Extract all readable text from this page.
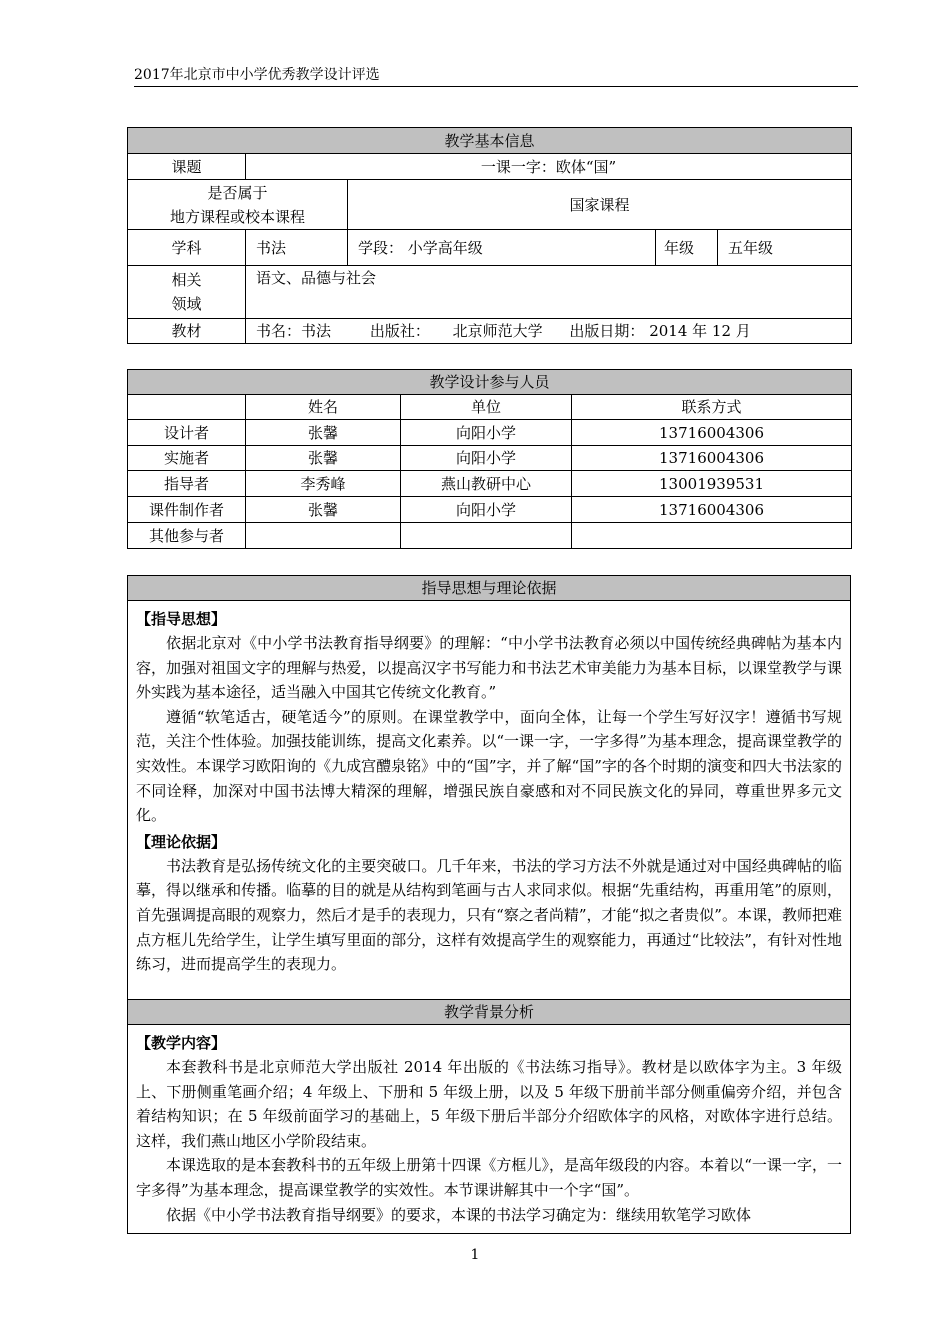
2017年北京市中小学优秀教学设计评选
教学基本信息				
课题	一课一字：欧体“国”			

是否属于
地方课程或校本课程		国家课程		
学科	书法	学段： 小学高年级	年级	五年级

相关
领域	语文、品德与社会			
教材	书名：书法 出版社： 北京师范大学 出版日期： 2014 年 12 月			
教学设计参与人员			
	姓名	单位	联系方式
设计者	张馨	向阳小学	13716004306
实施者	张馨	向阳小学	13716004306
指导者	李秀峰	燕山教研中心	13001939531
课件制作者	张馨	向阳小学	13716004306
其他参与者			
指导思想与理论依据

【指导思想】

依据北京对《中小学书法教育指导纲要》的理解：“中小学书法教育必须以中国传统经典碑帖为基本内容，加强对祖国文字的理解与热爱，以提高汉字书写能力和书法艺术审美能力为基本目标，以课堂教学与课外实践为基本途径，适当融入中国其它传统文化教育。”

遵循“软笔适古，硬笔适今”的原则。在课堂教学中，面向全体，让每一个学生写好汉字！遵循书写规范，关注个性体验。加强技能训练，提高文化素养。以“一课一字，一字多得”为基本理念，提高课堂教学的实效性。本课学习欧阳询的《九成宫醴泉铭》中的“国”字，并了解“国”字的各个时期的演变和四大书法家的不同诠释，加深对中国书法博大精深的理解，增强民族自豪感和对不同民族文化的异同，尊重世界多元文化。

【理论依据】

书法教育是弘扬传统文化的主要突破口。几千年来，书法的学习方法不外就是通过对中国经典碑帖的临摹，得以继承和传播。临摹的目的就是从结构到笔画与古人求同求似。根据“先重结构，再重用笔”的原则，首先强调提高眼的观察力，然后才是手的表现力，只有“察之者尚精”，才能“拟之者贵似”。本课，教师把难点方框儿先给学生，让学生填写里面的部分，这样有效提高学生的观察能力，再通过“比较法”，有针对性地练习，进而提高学生的表现力。

教学背景分析

【教学内容】

本套教科书是北京师范大学出版社 2014 年出版的《书法练习指导》。教材是以欧体字为主。3 年级上、下册侧重笔画介绍；4 年级上、下册和 5 年级上册，以及 5 年级下册前半部分侧重偏旁介绍，并包含着结构知识；在 5 年级前面学习的基础上，5 年级下册后半部分介绍欧体字的风格，对欧体字进行总结。这样，我们燕山地区小学阶段结束。

本课选取的是本套教科书的五年级上册第十四课《方框儿》，是高年级段的内容。本着以“一课一字，一字多得”为基本理念，提高课堂教学的实效性。本节课讲解其中一个字“国”。

依据《中小学书法教育指导纲要》的要求，本课的书法学习确定为：继续用软笔学习欧体

1
